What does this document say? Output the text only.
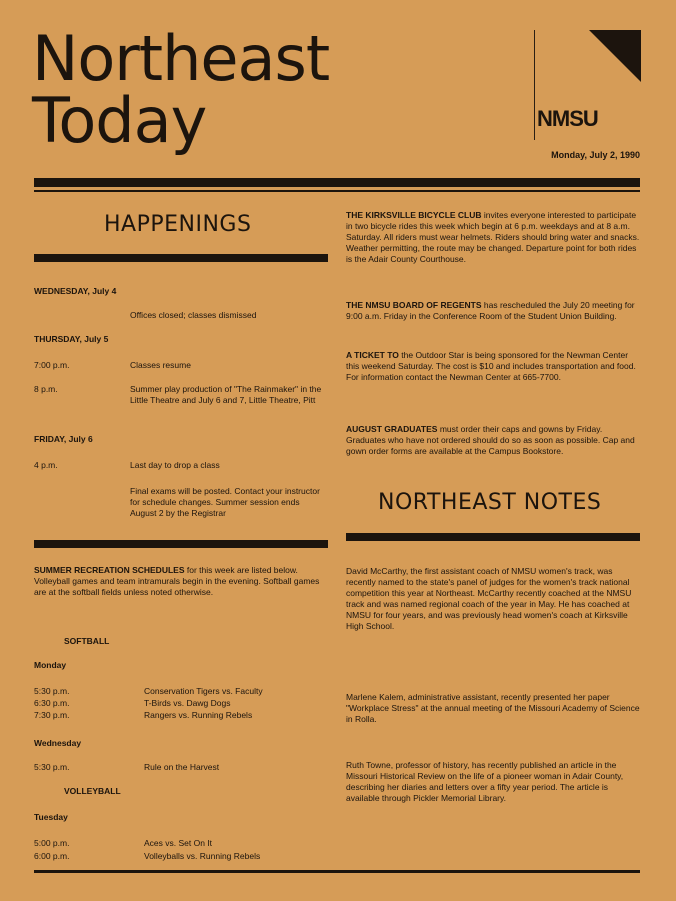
Northeast
Today	NMSU
Monday, July 2, 1990
HAPPENINGS
WEDNESDAY, July 4
Offices closed; classes dismissed
THURSDAY, July 5
7:00 p.m.	Classes resume
8 p.m.	Summer play production of "The Rainmaker" in the Little Theatre and July 6 and 7, Little Theatre, Pitt
FRIDAY, July 6
4 p.m.	Last day to drop a class
Final exams will be posted. Contact your instructor for schedule changes. Summer session ends August 2 by the Registrar
SUMMER RECREATION SCHEDULES for this week are listed below. Volleyball games and team intramurals begin in the evening. Softball games are at the softball fields unless noted otherwise.
SOFTBALL
Monday
5:30 p.m.	Conservation Tigers vs. Faculty
6:30 p.m.	T-Birds vs. Dawg Dogs
7:30 p.m.	Rangers vs. Running Rebels
Wednesday
5:30 p.m.	Rule on the Harvest
VOLLEYBALL
Tuesday
5:00 p.m.	Aces vs. Set On It
6:00 p.m.	Volleyballs vs. Running Rebels
THE KIRKSVILLE BICYCLE CLUB invites everyone interested to participate in two bicycle rides this week which begin at 6 p.m. weekdays and at 8 a.m. Saturday. All riders must wear helmets. Riders should bring water and snacks. Weather permitting, the route may be changed. Departure point for both rides is the Adair County Courthouse.
THE NMSU BOARD OF REGENTS has rescheduled the July 20 meeting for 9:00 a.m. Friday in the Conference Room of the Student Union Building.
A TICKET TO the Outdoor Star is being sponsored for the Newman Center this weekend Saturday. The cost is $10 and includes transportation and food. For information contact the Newman Center at 665-7700.
AUGUST GRADUATES must order their caps and gowns by Friday. Graduates who have not ordered should do so as soon as possible. Cap and gown order forms are available at the Campus Bookstore.
NORTHEAST NOTES
David McCarthy, the first assistant coach of NMSU women's track, was recently named to the state's panel of judges for the women's track national competition this year at Northeast. McCarthy recently coached at the NMSU track and was named regional coach of the year in May. He has coached at NMSU for four years, and was previously head women's coach at Kirksville High School.
Marlene Kalem, administrative assistant, recently presented her paper "Workplace Stress" at the annual meeting of the Missouri Academy of Science in Rolla.
Ruth Towne, professor of history, has recently published an article in the Missouri Historical Review on the life of a pioneer woman in Adair County, describing her diaries and letters over a fifty year period. The article is available through Pickler Memorial Library.
